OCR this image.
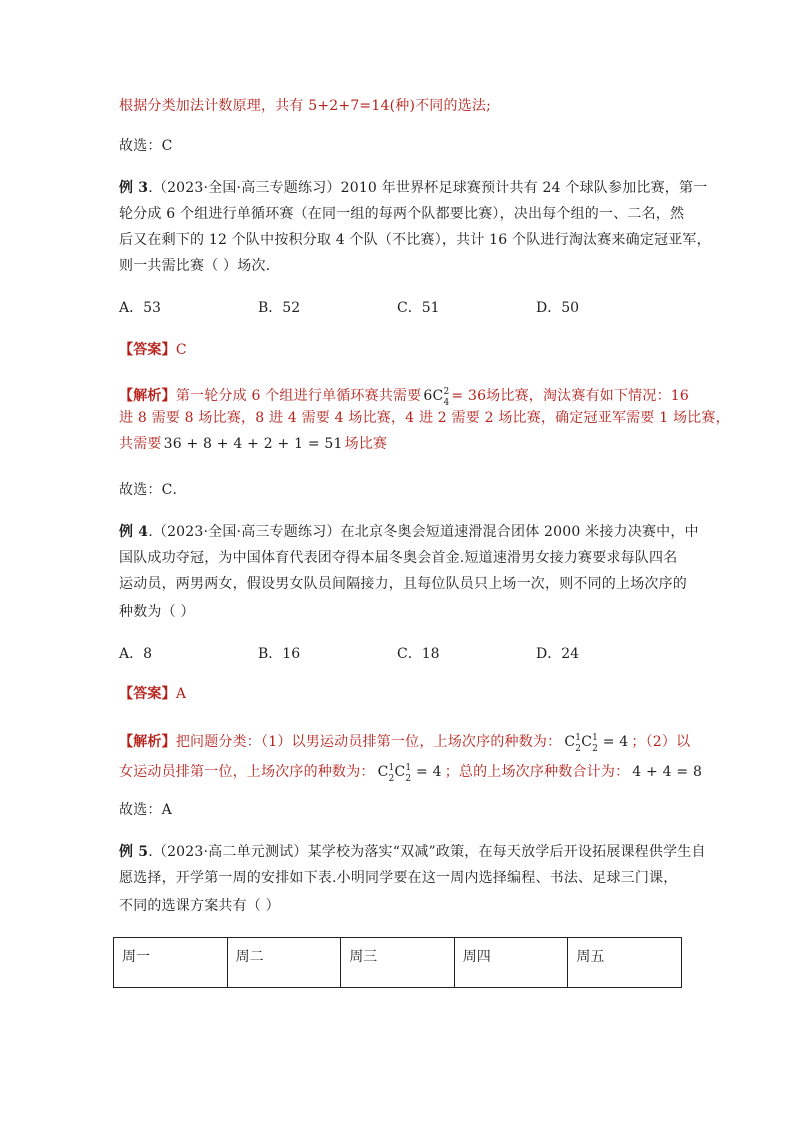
根据分类加法计数原理，共有 5+2+7=14(种)不同的选法;
故选：C
例 3.（2023·全国·高三专题练习）2010 年世界杯足球赛预计共有 24 个球队参加比赛，第一
轮分成 6 个组进行单循环赛（在同一组的每两个队都要比赛），决出每个组的一、二名，然
后又在剩下的 12 个队中按积分取 4 个队（不比赛），共计 16 个队进行淘汰赛来确定冠亚军，
则一共需比赛（ ）场次．
A．53	B．52	C．51	D．50
【答案】C
【解析】第一轮分成 6 个组进行单循环赛共需要 $6C^2$
4 = 36场比赛，淘汰赛有如下情况：16
进 8 需要 8 场比赛，8 进 4 需要 4 场比赛，4 进 2 需要 2 场比赛，确定冠亚军需要 1 场比赛，
共需要 36 + 8 + 4 + 2 + 1 = 51 场比赛
故选：C．
例 4.（2023·全国·高三专题练习）在北京冬奥会短道速滑混合团体 2000 米接力决赛中，中
国队成功夺冠，为中国体育代表团夺得本届冬奥会首金.短道速滑男女接力赛要求每队四名
运动员，两男两女，假设男女队员间隔接力，且每位队员只上场一次，则不同的上场次序的
种数为（ ）
A．8	B．16	C．18	D．24
【答案】A
【解析】把问题分类：（1）以男运动员排第一位，上场次序的种数为： $C^1$
2 $C^1$
2 = 4 ；（2）以
女运动员排第一位，上场次序的种数为： $C^1$
2 $C^1$
2 = 4 ；总的上场次序种数合计为： 4 + 4 = 8
故选：A
例 5.（2023·高二单元测试）某学校为落实“双减”政策，在每天放学后开设拓展课程供学生自
愿选择，开学第一周的安排如下表.小明同学要在这一周内选择编程、书法、足球三门课，
不同的选课方案共有（ ）
周一	周二	周三	周四	周五
